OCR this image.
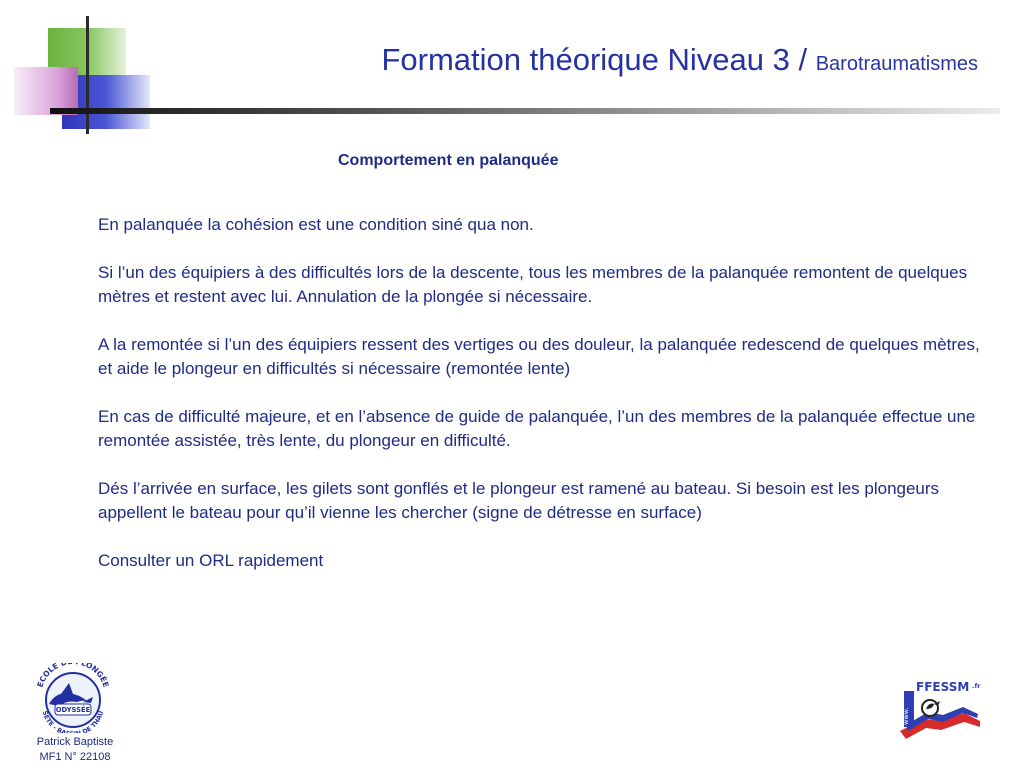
Formation théorique Niveau 3 / Barotraumatismes
Comportement en palanquée

En palanquée la cohésion est une condition siné qua non.

Si l’un des équipiers à des difficultés lors de la descente, tous les membres de la palanquée remontent de quelques mètres et restent avec lui. Annulation de la plongée si nécessaire.

A la remontée si l’un des équipiers ressent des vertiges ou des douleur, la palanquée redescend de quelques mètres, et aide le plongeur en difficultés si nécessaire (remontée lente)

En cas de difficulté majeure, et en l’absence de guide de palanquée, l’un des membres de la palanquée effectue une remontée assistée, très lente, du plongeur en difficulté.

Dés l’arrivée en surface, les gilets sont gonflés et le plongeur est ramené au bateau. Si besoin est les plongeurs appellent le bateau pour qu’il vienne les chercher (signe de détresse en surface)

Consulter un ORL rapidement

ECOLE LONGÉE
ODYSSÉE
SETE - BA DE THAU
Patrick Baptiste
MF1 N° 22108
www.
FFESSM .fr
